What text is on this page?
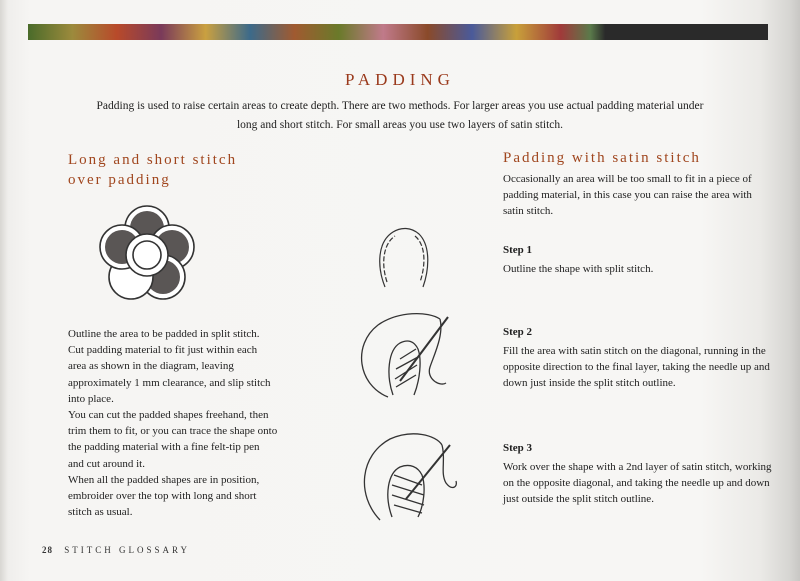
PADDING
Padding is used to raise certain areas to create depth. There are two methods. For larger areas you use actual padding material under long and short stitch. For small areas you use two layers of satin stitch.
Long and short stitch
over padding
Outline the area to be padded in split stitch. Cut padding material to fit just within each area as shown in the diagram, leaving approximately 1 mm clearance, and slip stitch into place.
You can cut the padded shapes freehand, then trim them to fit, or you can trace the shape onto the padding material with a fine felt-tip pen and cut around it.
When all the padded shapes are in position, embroider over the top with long and short stitch as usual.
Padding with satin stitch
Occasionally an area will be too small to fit in a piece of padding material, in this case you can raise the area with satin stitch.
Step 1
Outline the shape with split stitch.
Step 2
Fill the area with satin stitch on the diagonal, running in the opposite direction to the final layer, taking the needle up and down just inside the split stitch outline.
Step 3
Work over the shape with a 2nd layer of satin stitch, working on the opposite diagonal, and taking the needle up and down just outside the split stitch outline.
28 STITCH GLOSSARY
